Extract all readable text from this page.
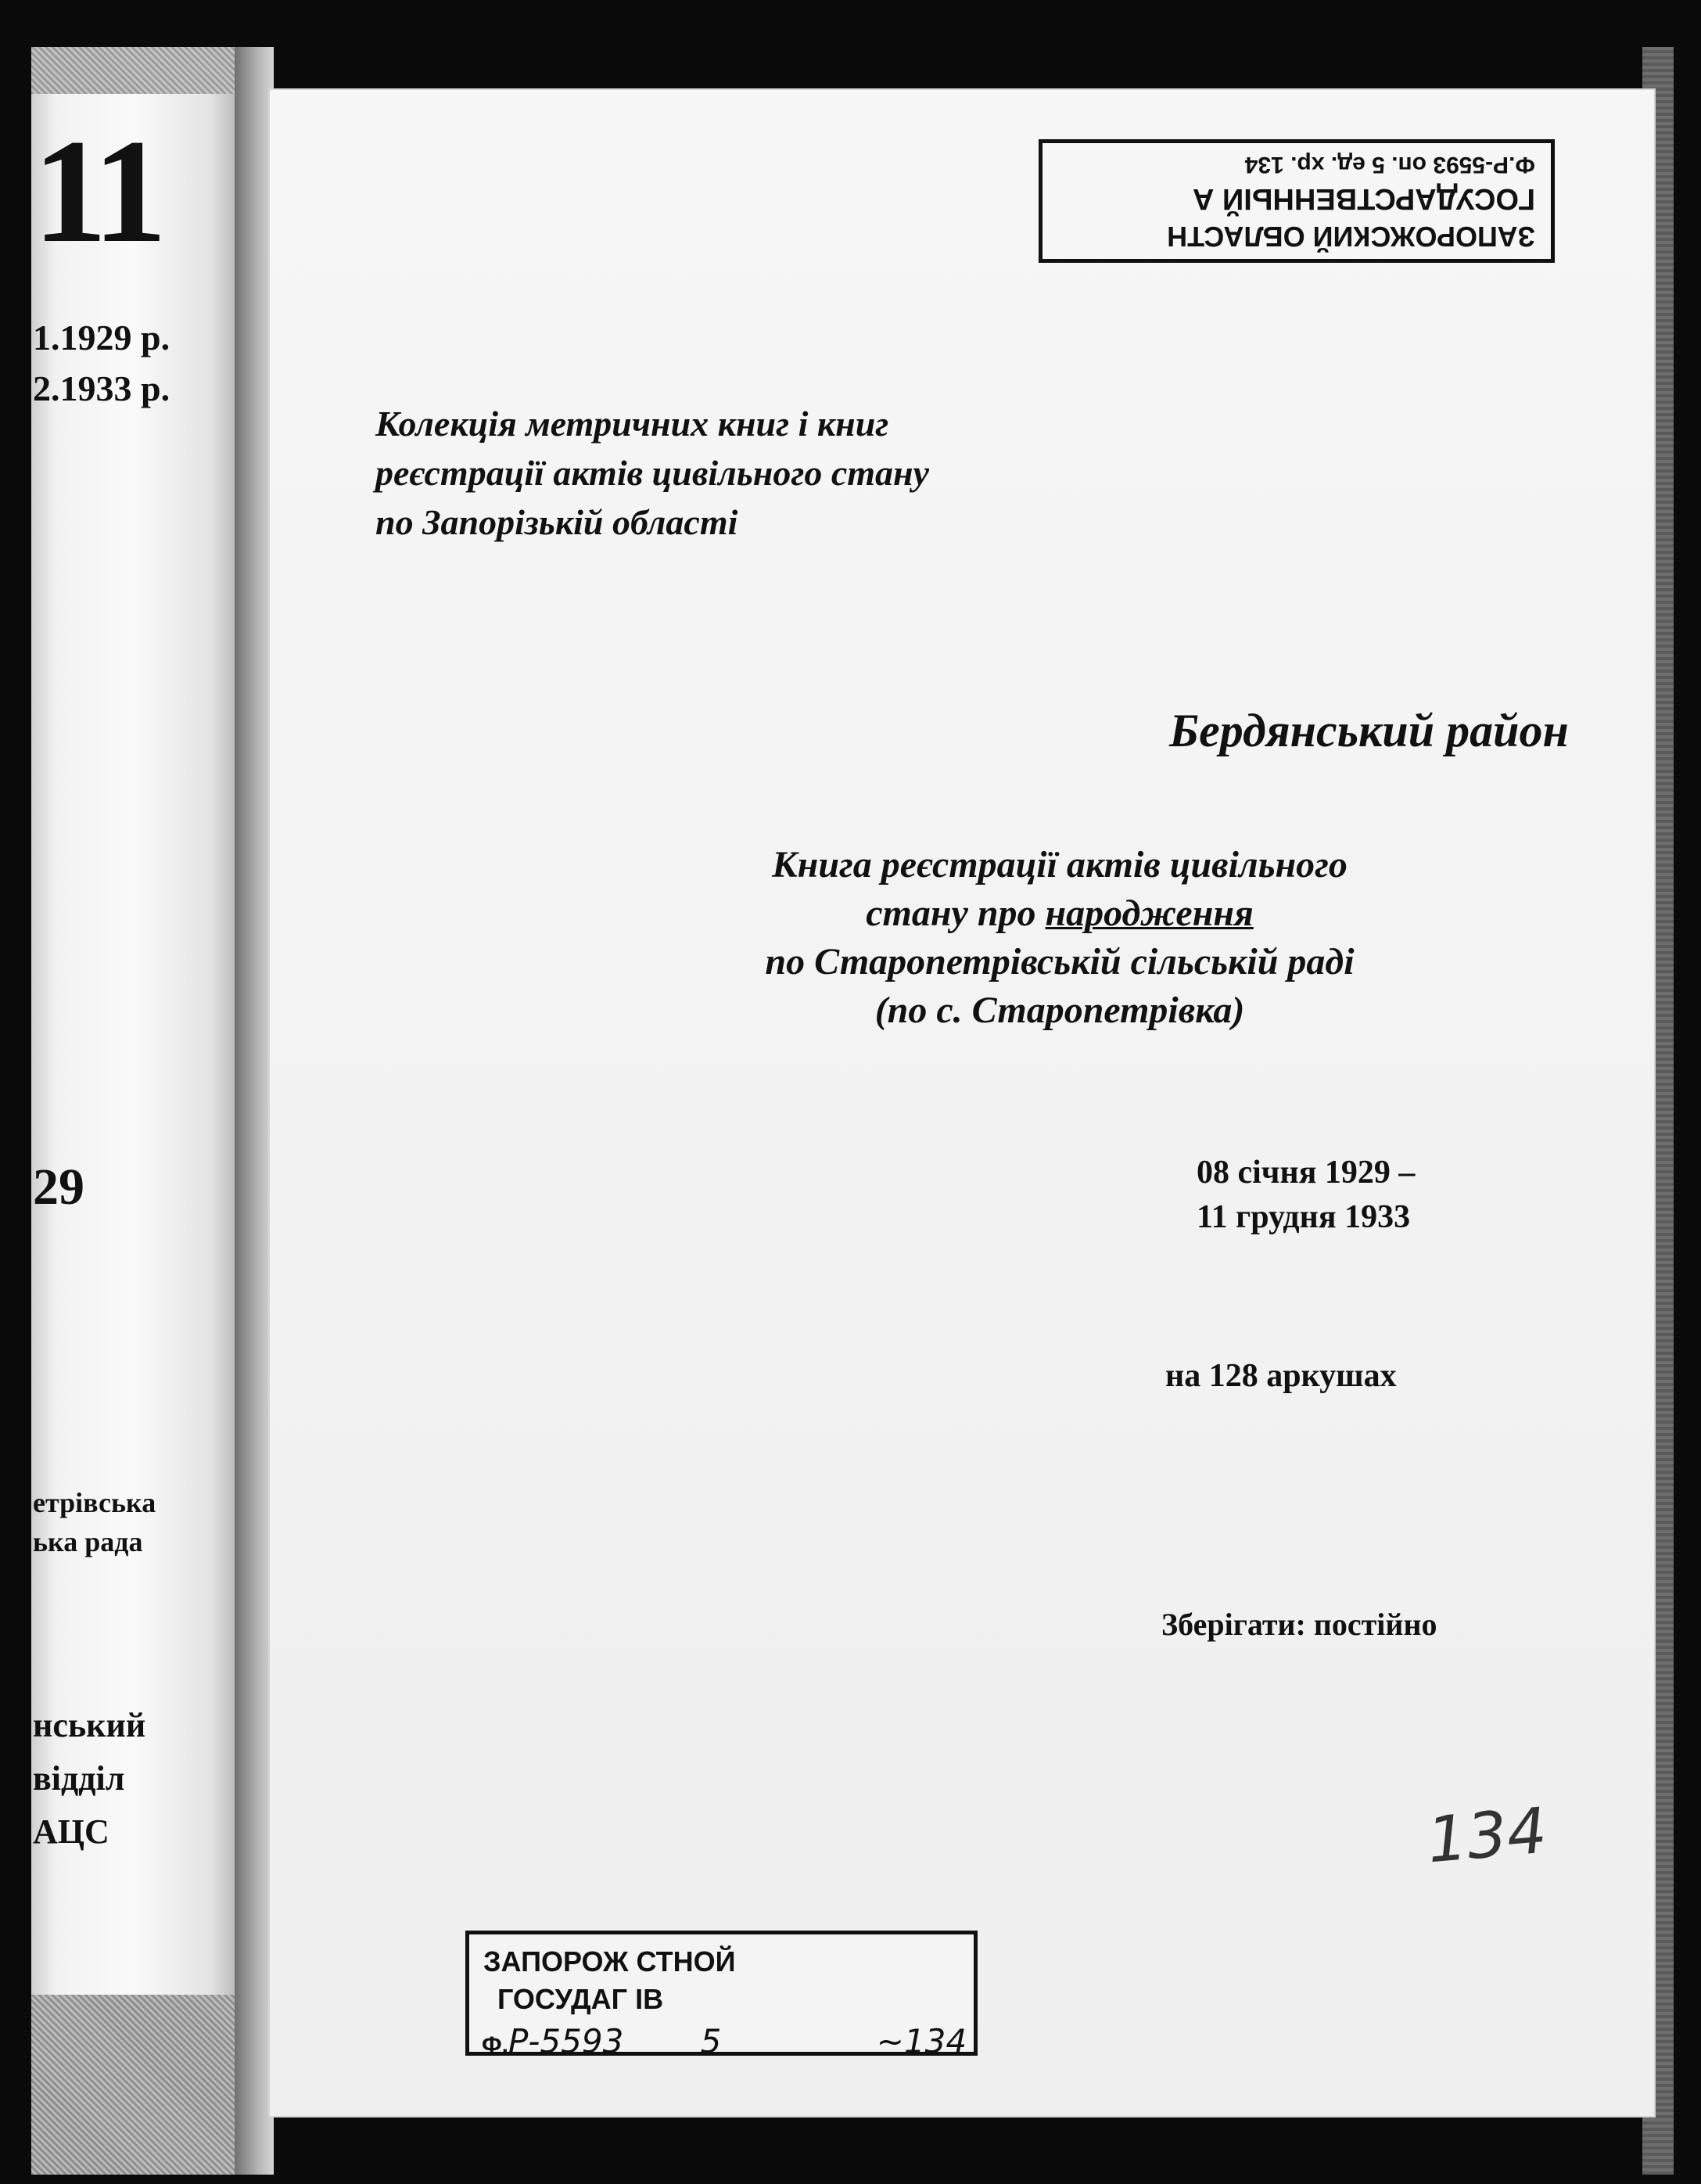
11
1.1929 р.
2.1933 р.
29
етрівська
ька рада
нський
відділ
АЦС
ЗАПОРОЖСКИЙ ОБЛАСТН
ГОСУДАРСТВЕННЫЙ А
Ф.Р-5593 оп. 5 ед. хр. 134
Колекція метричних книг і книг
реєстрації актів цивільного стану
по Запорізькій області
Бердянський район
Книга реєстрації актів цивільного
стану про народження
по Старопетрівській сільській раді
(по с. Старопетрівка)
08 січня 1929 –
11 грудня 1933
на 128 аркушах
Зберігати: постійно
134
ЗАПОРОЖ СТНОЙ
ГОСУДАГ ІВ
Ф.Р-5593 5	~134
